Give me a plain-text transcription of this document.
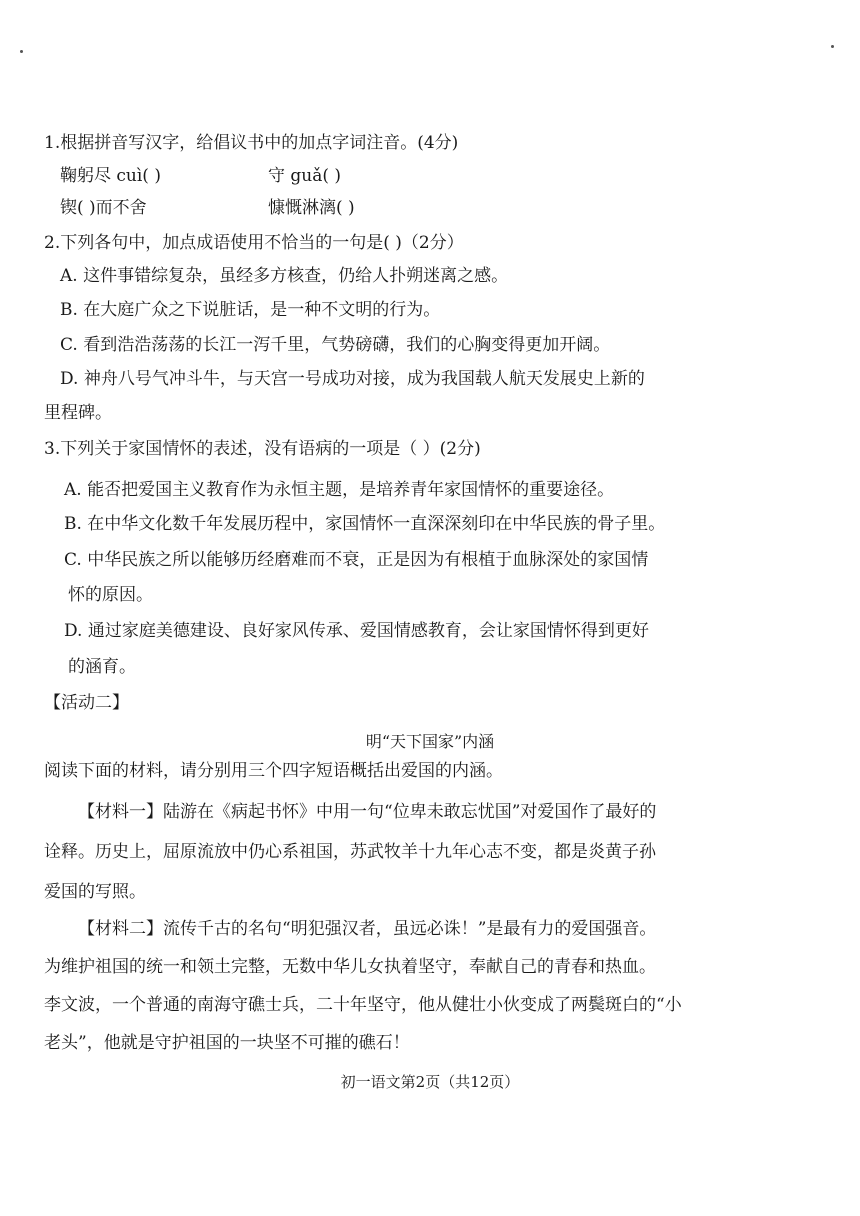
1.根据拼音写汉字，给倡议书中的加点字词注音。(4分)
鞠躬尽 cuì( )	守 guǎ( )
锲( )而不舍	慷慨淋漓( )
2.下列各句中，加点成语使用不恰当的一句是( )（2分）
A. 这件事错综复杂，虽经多方核查，仍给人扑朔迷离之感。
B. 在大庭广众之下说脏话，是一种不文明的行为。
C. 看到浩浩荡荡的长江一泻千里，气势磅礴，我们的心胸变得更加开阔。
D. 神舟八号气冲斗牛，与天宫一号成功对接，成为我国载人航天发展史上新的
里程碑。
3.下列关于家国情怀的表述，没有语病的一项是（ ）(2分)
A. 能否把爱国主义教育作为永恒主题，是培养青年家国情怀的重要途径。
B. 在中华文化数千年发展历程中，家国情怀一直深深刻印在中华民族的骨子里。
C. 中华民族之所以能够历经磨难而不衰，正是因为有根植于血脉深处的家国情
怀的原因。
D. 通过家庭美德建设、良好家风传承、爱国情感教育，会让家国情怀得到更好
的涵育。
【活动二】
明“天下国家”内涵
阅读下面的材料，请分别用三个四字短语概括出爱国的内涵。
【材料一】陆游在《病起书怀》中用一句“位卑未敢忘忧国”对爱国作了最好的
诠释。历史上，屈原流放中仍心系祖国，苏武牧羊十九年心志不变，都是炎黄子孙
爱国的写照。
【材料二】流传千古的名句“明犯强汉者，虽远必诛！”是最有力的爱国强音。
为维护祖国的统一和领土完整，无数中华儿女执着坚守，奉献自己的青春和热血。
李文波，一个普通的南海守礁士兵，二十年坚守，他从健壮小伙变成了两鬓斑白的“小
老头”，他就是守护祖国的一块坚不可摧的礁石！
初一语文第2页（共12页）
